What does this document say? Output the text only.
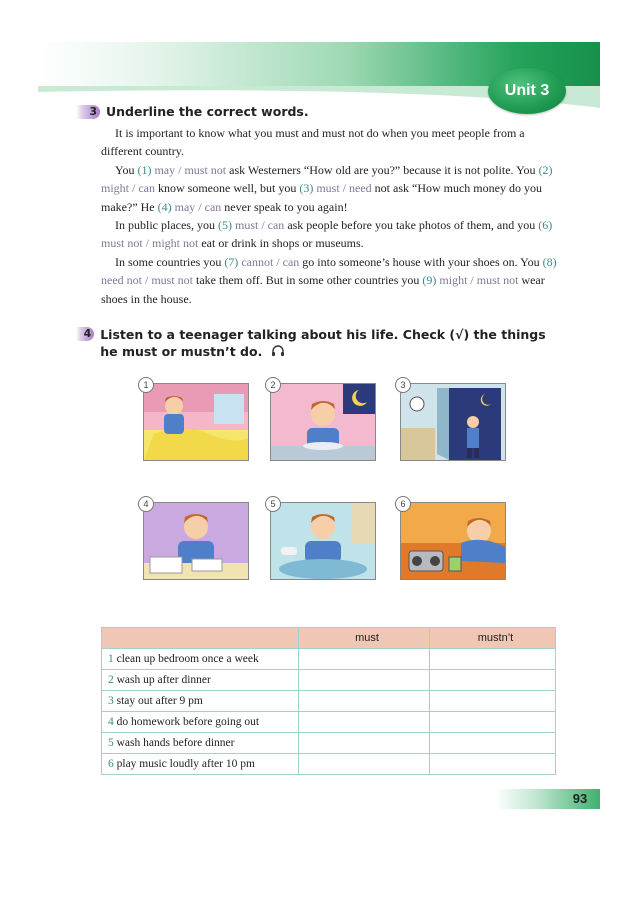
Unit 3
3 Underline the correct words.

It is important to know what you must and must not do when you meet people from a different country.

You (1) may / must not ask Westerners “How old are you?” because it is not polite. You (2) might / can know someone well, but you (3) must / need not ask “How much money do you make?” He (4) may / can never speak to you again!

In public places, you (5) must / can ask people before you take photos of them, and you (6) must not / might not eat or drink in shops or museums.

In some countries you (7) cannot / can go into someone’s house with your shoes on. You (8) need not / must not take them off. But in some other countries you (9) might / must not wear shoes in the house.

4 Listen to a teenager talking about his life. Check (√) the things he must or mustn’t do.
1	2	3
4	5	6
	must	mustn’t
1 clean up bedroom once a week		
2 wash up after dinner		
3 stay out after 9 pm		
4 do homework before going out		
5 wash hands before dinner		
6 play music loudly after 10 pm		
93
